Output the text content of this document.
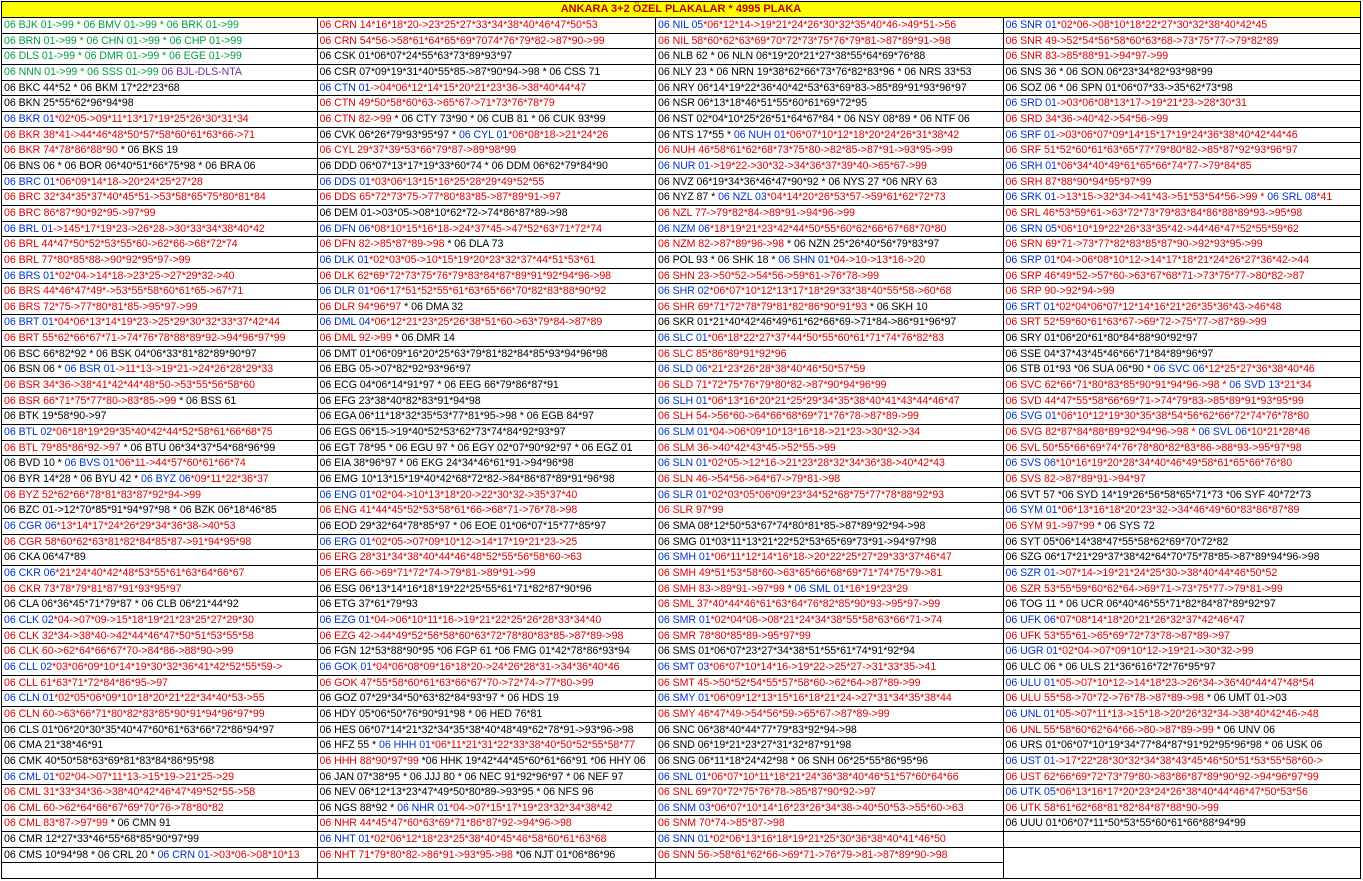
ANKARA 3+2 ÖZEL PLAKALAR * 4995 PLAKA
06 BJK 01->99 * 06 BMV 01->99 * 06 BRK 01->99
06 BRN 01->99 * 06 CHN 01->99 * 06 CHP 01->99
06 DLS 01->99 * 06 DMR 01->99 * 06 EGE 01->99
06 NNN 01->99 * 06 SSS 01->99 06 BJL-DLS-NTA
06 BKC 44*52 * 06 BKM 17*22*23*68
06 BKN 25*55*62*96*94*98
06 BKR 01*02*05->09*11*13*17*19*25*26*30*31*34
06 BKR 38*41->44*46*48*50*57*58*60*61*63*66->71
06 BKR 74*78*86*88*90 * 06 BKS 19
06 BNS 06 * 06 BOR 06*40*51*66*75*98 * 06 BRA 06
06 BRC 01*06*09*14*18->20*24*25*27*28
06 BRC 32*34*35*37*40*45*51->53*58*65*75*80*81*84
06 BRC 86*87*90*92*95->97*99
06 BRL 01->145*17*19*23->26*28->30*33*34*38*40*42
06 BRL 44*47*50*52*53*55*60->62*66->68*72*74
06 BRL 77*80*85*88->90*92*95*97->99
06 BRS 01*02*04->14*18->23*25->27*29*32->40
06 BRS 44*46*47*49*->53*55*58*60*61*65->67*71
06 BRS 72*75->77*80*81*85->95*97->99
06 BRT 01*04*06*13*14*19*23->25*29*30*32*33*37*42*44
06 BRT 55*62*66*67*71->74*76*78*88*89*92->94*96*97*99
06 BSC 66*82*92 * 06 BSK 04*06*33*81*82*89*90*97
06 BSN 06 * 06 BSR 01->11*13->19*21->24*26*28*29*33
06 BSR 34*36->38*41*42*44*48*50->53*55*56*58*60
06 BSR 66*71*75*77*80->83*85->99 * 06 BSS 61
06 BTK 19*58*90->97
06 BTL 02*06*18*19*29*35*40*42*44*52*58*61*66*68*75
06 BTL 79*85*86*92->97 * 06 BTU 06*34*37*54*68*96*99
06 BVD 10 * 06 BVS 01*06*11->44*57*60*61*66*74
06 BYR 14*28 * 06 BYU 42 * 06 BYZ 06*09*11*22*36*37
06 BYZ 52*62*66*78*81*83*87*92*94->99
06 BZC 01->12*70*85*91*94*97*98 * 06 BZK 06*18*46*85
06 CGR 06*13*14*17*24*26*29*34*36*38->40*53
06 CGR 58*60*62*63*81*82*84*85*87->91*94*95*98
06 CKA 06*47*89
06 CKR 06*21*24*40*42*48*53*55*61*63*64*66*67
06 CKR 73*78*79*81*87*91*93*95*97
06 CLA 06*36*45*71*79*87 * 06 CLB 06*21*44*92
06 CLK 02*04->07*09->15*18*19*21*23*25*27*29*30
06 CLK 32*34->38*40->42*44*46*47*50*51*53*55*58
06 CLK 60->62*64*66*67*70->84*86->88*90->99
06 CLL 02*03*06*09*10*14*19*30*32*36*41*42*52*55*59->
06 CLL 61*63*71*72*84*86*95->97
06 CLN 01*02*05*06*09*10*18*20*21*22*34*40*53->55
06 CLN 60->63*66*71*80*82*83*85*90*91*94*96*97*99
06 CLS 01*06*20*30*35*40*47*60*61*63*66*72*86*94*97
06 CMA 21*38*46*91
06 CMK 40*50*58*63*69*81*83*84*86*95*98
06 CML 01*02*04->07*11*13->15*19->21*25->29
06 CML 31*33*34*36->38*40*42*46*47*49*52*55->58
06 CML 60->62*64*66*67*69*70*76->78*80*82
06 CML 83*87->97*99 * 06 CMN 91
06 CMR 12*27*33*46*55*68*85*90*97*99
06 CMS 10*94*98 * 06 CRL 20 * 06 CRN 01->03*06->08*10*13
06 CRN 14*16*18*20->23*25*27*33*34*38*40*46*47*50*53
06 CRN 54*56->58*61*64*65*69*7074*76*79*82->87*90->99
06 CSK 01*06*07*24*55*63*73*89*93*97
06 CSR 07*09*19*31*40*55*85->87*90*94->98 * 06 CSS 71
06 CTN 01->04*06*12*14*15*20*21*23*36->38*40*44*47
06 CTN 49*50*58*60*63->65*67->71*73*76*78*79
06 CTN 82->99 * 06 CTY 73*90 * 06 CUB 81 * 06 CUK 93*99
06 CVK 06*26*79*93*95*97 * 06 CYL 01*06*08*18->21*24*26
06 CYL 29*37*39*53*66*79*87->89*98*99
06 DDD 06*07*13*17*19*33*60*74 * 06 DDM 06*62*79*84*90
06 DDS 01*03*06*13*15*16*25*28*29*49*52*55
06 DDS 65*72*73*75->77*80*83*85->87*89*91->97
06 DEM 01->03*05->08*10*62*72->74*86*87*89->98
06 DFN 06*08*10*15*16*18->24*37*45->47*52*63*71*72*74
06 DFN 82->85*87*89->98 * 06 DLA 73
06 DLK 01*02*03*05->10*15*19*20*23*32*37*44*51*53*61
06 DLK 62*69*72*73*75*76*79*83*84*87*89*91*92*94*96->98
06 DLR 01*06*17*51*52*55*61*63*65*66*70*82*83*88*90*92
06 DLR 94*96*97 * 06 DMA 32
06 DML 04*06*12*21*23*25*26*38*51*60->63*79*84->87*89
06 DML 92->99 * 06 DMR 14
06 DMT 01*06*09*16*20*25*63*79*81*82*84*85*93*94*96*98
06 EBG 05->07*82*92*93*96*97
06 ECG 04*06*14*91*97 * 06 EEG 66*79*86*87*91
06 EFG 23*38*40*82*83*91*94*98
06 EGA 06*11*18*32*35*53*77*81*95->98 * 06 EGB 84*97
06 EGS 06*15->19*40*52*53*62*73*74*84*92*93*97
06 EGT 78*95 * 06 EGU 97 * 06 EGY 02*07*90*92*97 * 06 EGZ 01
06 EIA 38*96*97 * 06 EKG 24*34*46*61*91->94*96*98
06 EMG 10*13*15*19*40*42*68*72*82->84*86*87*89*91*96*98
06 ENG 01*02*04->10*13*18*20->22*30*32->35*37*40
06 ENG 41*44*45*52*53*58*61*66->68*71->76*78->98
06 EOD 29*32*64*78*85*97 * 06 EOE 01*06*07*15*77*85*97
06 ERG 01*02*05->07*09*10*12->14*17*19*21*23->25
06 ERG 28*31*34*38*40*44*46*48*52*55*56*58*60->63
06 ERG 66->69*71*72*74->79*81->89*91->99
06 ESG 06*13*14*16*18*19*22*25*55*61*71*82*87*90*96
06 ETG 37*61*79*93
06 EZG 01*04->06*10*11*16->19*21*22*25*26*28*33*34*40
06 EZG 42->44*49*52*56*58*60*63*72*78*80*83*85->87*89->98
06 FGN 12*53*88*90*95 *06 FGP 61 *06 FMG 01*42*78*86*93*94
06 GOK 01*04*06*08*09*16*18*20->24*26*28*31->34*36*40*46
06 GOK 47*55*58*60*61*63*66*67*70->72*74->77*80->99
06 GOZ 07*29*34*50*63*82*84*93*97 * 06 HDS 19
06 HDY 05*06*50*76*90*91*98 * 06 HED 76*81
06 HES 06*07*14*21*32*34*35*38*40*48*49*62*78*91->93*96->98
06 HFZ 55 * 06 HHH 01*06*11*21*31*22*33*38*40*50*52*55*58*77
06 HHH 88*90*97*99 *06 HHK 19*42*44*45*60*61*66*91 *06 HHY 06
06 JAN 07*38*95 * 06 JJJ 80 * 06 NEC 91*92*96*97 * 06 NEF 97
06 NEV 06*12*13*23*47*49*50*80*89->93*95 * 06 NFS 96
06 NGS 88*92 * 06 NHR 01*04->07*15*17*19*23*32*34*38*42
06 NHR 44*45*47*60*63*69*71*86*87*92->94*96->98
06 NHT 01*02*06*12*18*23*25*38*40*45*46*58*60*61*63*68
06 NHT 71*79*80*82->86*91->93*95->98 *06 NJT 01*06*86*96
06 NIL 05*06*12*14->19*21*24*26*30*32*35*40*46->49*51->56
06 NIL 58*60*62*63*69*70*72*73*75*76*79*81->87*89*91->98
06 NLB 62 * 06 NLN 06*19*20*21*27*38*55*64*69*76*88
06 NLY 23 * 06 NRN 19*38*62*66*73*76*82*83*96 * 06 NRS 33*53
06 NRY 06*14*19*22*36*40*42*53*63*69*83->85*89*91*93*96*97
06 NSR 06*13*18*46*51*55*60*61*69*72*95
06 NST 02*04*10*25*26*51*64*67*84 * 06 NSY 08*89 * 06 NTF 06
06 NTS 17*55 * 06 NUH 01*06*07*10*12*18*20*24*26*31*38*42
06 NUH 46*58*61*62*68*73*75*80->82*85->87*91->93*95->99
06 NUR 01->19*22->30*32->34*36*37*39*40->65*67->99
06 NVZ 06*19*34*36*46*47*90*92 * 06 NYS 27 *06 NRY 63
06 NYZ 87 * 06 NZL 03*04*14*20*26*53*57->59*61*62*72*73
06 NZL 77->79*82*84->89*91->94*96->99
06 NZM 06*18*19*21*23*42*44*50*55*60*62*66*67*68*70*80
06 NZM 82->87*89*96->98 * 06 NZN 25*26*40*56*79*83*97
06 POL 93 * 06 SHK 18 * 06 SHN 01*04->10->13*16->20
06 SHN 23->50*52->54*56->59*61->76*78->99
06 SHR 02*06*07*10*12*13*17*18*29*33*38*40*55*58->60*68
06 SHR 69*71*72*78*79*81*82*86*90*91*93 * 06 SKH 10
06 SKR 01*21*40*42*46*49*61*62*66*69->71*84->86*91*96*97
06 SLC 01*06*18*22*27*37*44*50*55*60*61*71*74*76*82*83
06 SLC 85*86*89*91*92*96
06 SLD 06*21*23*26*28*38*40*46*50*57*59
06 SLD 71*72*75*76*79*80*82->87*90*94*96*99
06 SLH 01*06*13*16*20*21*25*29*34*35*38*40*41*43*44*46*47
06 SLH 54->56*60->64*66*68*69*71*76*78->87*89->99
06 SLM 01*04->06*09*10*13*16*18->21*23->30*32->34
06 SLM 36->40*42*43*45->52*55->99
06 SLN 01*02*05->12*16->21*23*28*32*34*36*38->40*42*43
06 SLN 46->54*56->64*67->79*81->98
06 SLR 01*02*03*05*06*09*23*34*52*68*75*77*78*88*92*93
06 SLR 97*99
06 SMA 08*12*50*53*67*74*80*81*85->87*89*92*94->98
06 SMG 01*03*11*13*21*22*52*53*65*69*73*91->94*97*98
06 SMH 01*06*11*12*14*16*18->20*22*25*27*29*33*37*46*47
06 SMH 49*51*53*58*60->63*65*66*68*69*71*74*75*79->81
06 SMH 83->89*91->97*99 * 06 SML 01*16*19*23*29
06 SML 37*40*44*46*61*63*64*76*82*85*90*93->95*97->99
06 SMR 01*02*04*06->08*21*24*34*38*55*58*63*66*71->74
06 SMR 78*80*85*89->95*97*99
06 SMS 01*06*07*23*27*34*38*51*55*61*74*91*92*94
06 SMT 03*06*07*10*14*16->19*22->25*27->31*33*35->41
06 SMT 45->50*52*54*55*57*58*60->62*64->87*89->99
06 SMY 01*06*09*12*13*15*16*18*21*24->27*31*34*35*38*44
06 SMY 46*47*49->54*56*59->65*67->87*89->99
06 SNC 06*38*40*44*77*79*83*92*94->98
06 SND 06*19*21*23*27*31*32*87*91*98
06 SNG 06*11*18*24*42*98 * 06 SNH 06*25*55*86*95*96
06 SNL 01*06*07*10*11*18*21*24*36*38*40*46*51*57*60*64*66
06 SNL 69*70*72*75*76*78->85*87*90*92->97
06 SNM 03*06*07*10*14*16*23*26*34*38->40*50*53->55*60->63
06 SNM 70*74->85*87->98
06 SNN 01*02*06*13*16*18*19*21*25*30*36*38*40*41*46*50
06 SNN 56->58*61*62*66->69*71->76*79->81->87*89*90->98
06 SNR 01*02*06->08*10*18*22*27*30*32*38*40*42*45
06 SNR 49->52*54*56*58*60*63*68->73*75*77->79*82*89
06 SNR 83->85*88*91->94*97->99
06 SNS 36 * 06 SON 06*23*34*82*93*98*99
06 SOZ 06 * 06 SPN 01*06*07*33->35*62*73*98
06 SRD 01->03*06*08*13*17->19*21*23->28*30*31
06 SRD 34*36->40*42->54*56->99
06 SRF 01->03*06*07*09*14*15*17*19*24*36*38*40*42*44*46
06 SRF 51*52*60*61*63*65*77*79*80*82->85*87*92*93*96*97
06 SRH 01*06*34*40*49*61*65*66*74*77->79*84*85
06 SRH 87*88*90*94*95*97*99
06 SRK 01->13*15->32*34->41*43->51*53*54*56->99 * 06 SRL 08*41
06 SRL 46*53*59*61->63*72*73*79*83*84*86*88*89*93->95*98
06 SRN 05*06*10*19*22*26*33*35*42->44*46*47*52*55*59*62
06 SRN 69*71->73*77*82*83*85*87*90->92*93*95->99
06 SRP 01*04->06*08*10*12->14*17*18*21*24*26*27*36*42->44
06 SRP 46*49*52->57*60->63*67*68*71->73*75*77->80*82->87
06 SRP 90->92*94->99
06 SRT 01*02*04*06*07*12*14*16*21*26*35*36*43->46*48
06 SRT 52*59*60*61*63*67->69*72->75*77->87*89->99
06 SRY 01*06*20*61*80*84*88*90*92*97
06 SSE 04*37*43*45*46*66*71*84*89*96*97
06 STB 01*93 *06 SUA 06*90 * 06 SVC 06*12*25*27*36*38*40*46
06 SVC 62*66*71*80*83*85*90*91*94*96->98 * 06 SVD 13*21*34
06 SVD 44*47*55*58*66*69*71->74*79*83->85*89*91*93*95*99
06 SVG 01*06*10*12*19*30*35*38*54*56*62*66*72*74*76*78*80
06 SVG 82*87*84*88*89*92*94*96->98 * 06 SVL 06*10*21*28*46
06 SVL 50*55*66*69*74*76*78*80*82*83*86->88*93->95*97*98
06 SVS 06*10*16*19*20*28*34*40*46*49*58*61*65*66*76*80
06 SVS 82->87*89*91->94*97
06 SVT 57 *06 SYD 14*19*26*56*58*65*71*73 *06 SYF 40*72*73
06 SYM 01*06*13*16*18*20*23*32->34*46*49*60*83*86*87*89
06 SYM 91->97*99 * 06 SYS 72
06 SYT 05*06*14*38*47*55*58*62*69*70*72*82
06 SZG 06*17*21*29*37*38*42*64*70*75*78*85->87*89*94*96->98
06 SZR 01->07*14->19*21*24*25*30->38*40*44*46*50*52
06 SZR 53*55*59*60*62*64->69*71->73*75*77->79*81->99
06 TOG 11 * 06 UCR 06*40*46*55*71*82*84*87*89*92*97
06 UFK 06*07*08*14*18*20*21*26*32*37*42*46*47
06 UFK 53*55*61->65*69*72*73*78->87*89->97
06 UGR 01*02*04->07*09*10*12->19*21->30*32->99
06 ULC 06 * 06 ULS 21*36*616*72*76*95*97
06 ULU 01*05->07*10*12->14*18*23->26*34->36*40*44*47*48*54
06 ULU 55*58->70*72->76*78->87*89->98 * 06 UMT 01->03
06 UNL 01*05->07*11*13->15*18->20*26*32*34->38*40*42*46->48
06 UNL 55*58*60*62*64*66->80->87*89->99 * 06 UNV 06
06 URS 01*06*07*10*19*34*77*84*87*91*92*95*96*98 * 06 USK 06
06 UST 01->17*22*28*30*32*34*38*43*45*46*50*51*53*55*58*60->
06 UST 62*66*69*72*73*79*80->83*86*87*89*90*92->94*96*97*99
06 UTK 05*06*13*16*17*20*23*24*26*38*40*44*46*47*50*53*56
06 UTK 58*61*62*68*81*82*84*87*88*90->99
06 UUU 01*06*07*11*50*53*55*60*61*66*88*94*99
